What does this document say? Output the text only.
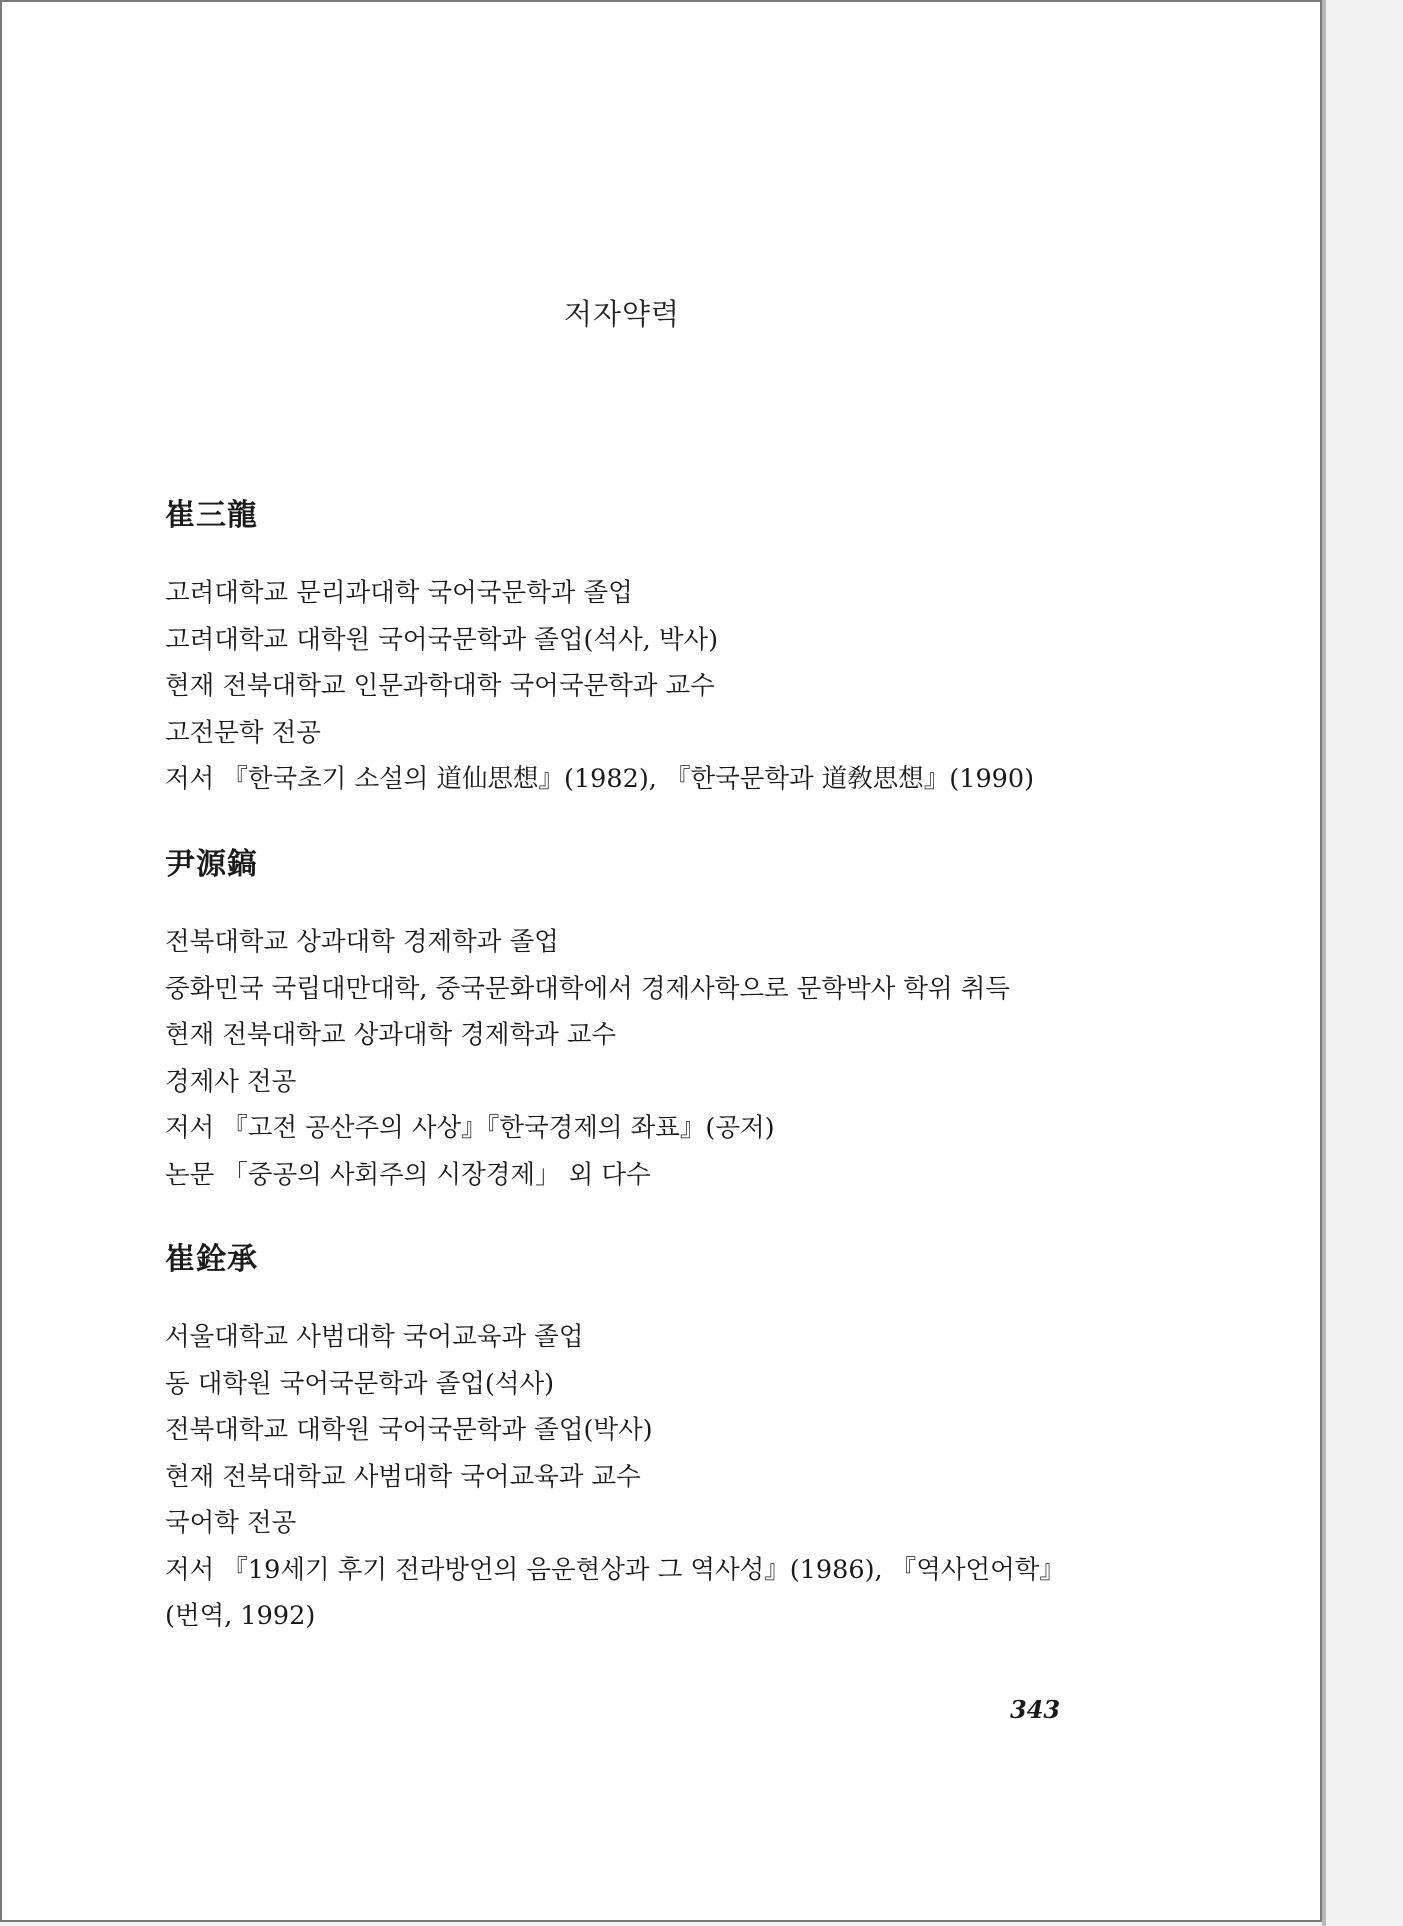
저자약력
崔三龍
고려대학교 문리과대학 국어국문학과 졸업
고려대학교 대학원 국어국문학과 졸업(석사, 박사)
현재 전북대학교 인문과학대학 국어국문학과 교수
고전문학 전공
저서 『한국초기 소설의 道仙思想』(1982), 『한국문학과 道敎思想』(1990)
尹源鎬
전북대학교 상과대학 경제학과 졸업
중화민국 국립대만대학, 중국문화대학에서 경제사학으로 문학박사 학위 취득
현재 전북대학교 상과대학 경제학과 교수
경제사 전공
저서 『고전 공산주의 사상』『한국경제의 좌표』(공저)
논문 「중공의 사회주의 시장경제」 외 다수
崔銓承
서울대학교 사범대학 국어교육과 졸업
동 대학원 국어국문학과 졸업(석사)
전북대학교 대학원 국어국문학과 졸업(박사)
현재 전북대학교 사범대학 국어교육과 교수
국어학 전공
저서 『19세기 후기 전라방언의 음운현상과 그 역사성』(1986), 『역사언어학』(번역, 1992)
343
